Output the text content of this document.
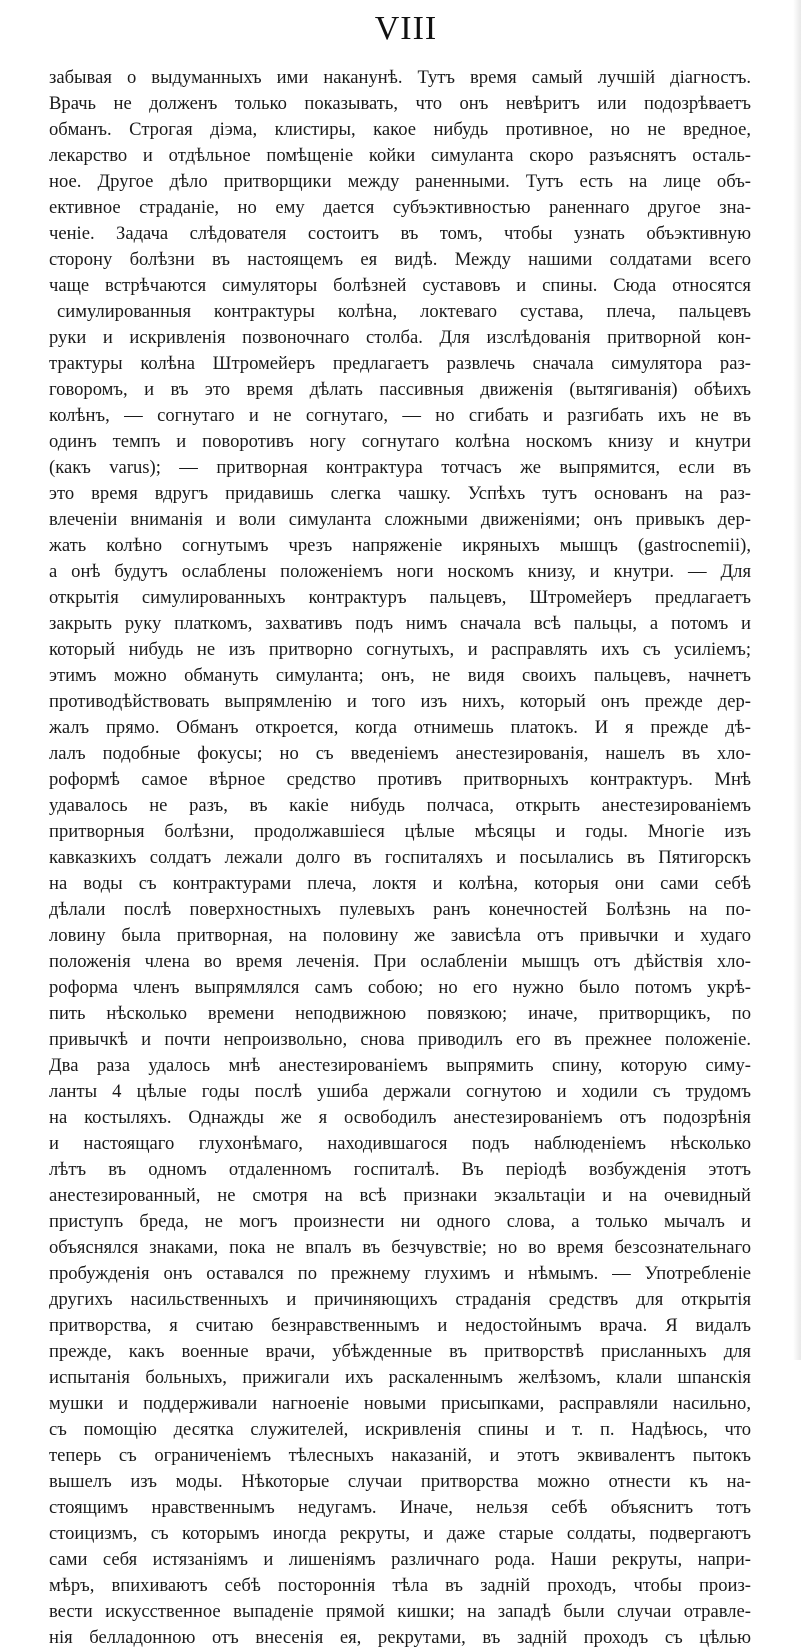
VIII
забывая о выдуманныхъ ими наканунѣ. Тутъ время самый лучшій діагностъ.
Врачь не долженъ только показывать, что онъ невѣритъ или подозрѣваетъ
обманъ. Строгая діэма, клистиры, какое нибудь противное, но не вредное,
лекарство и отдѣльное помѣщеніе койки симуланта скоро разъяснятъ осталь-
ное. Другое дѣло притворщики между раненными. Тутъ есть на лице объ-
ективное страданіе, но ему дается субъэктивностью раненнаго другое зна-
ченіе. Задача слѣдователя состоитъ въ томъ, чтобы узнать объэктивную
сторону болѣзни въ настоящемъ ея видѣ. Между нашими солдатами всего
чаще встрѣчаются симуляторы болѣзней суставовъ и спины. Сюда относятся
симулированныя контрактуры колѣна, локтеваго сустава, плеча, пальцевъ
руки и искривленія позвоночнаго столба. Для изслѣдованія притворной кон-
трактуры колѣна Штромейеръ предлагаетъ развлечь сначала симулятора раз-
говоромъ, и въ это время дѣлать пассивныя движенія (вытягиванія) обѣихъ
колѣнъ, — согнутаго и не согнутаго, — но сгибать и разгибать ихъ не въ
одинъ темпъ и поворотивъ ногу согнутаго колѣна носкомъ книзу и кнутри
(какъ varus); — притворная контрактура тотчасъ же выпрямится, если въ
это время вдругъ придавишь слегка чашку. Успѣхъ тутъ основанъ на раз-
влеченіи вниманія и воли симуланта сложными движеніями; онъ привыкъ дер-
жать колѣно согнутымъ чрезъ напряженіе икряныхъ мышцъ (gastrocnemii),
а онѣ будутъ ослаблены положеніемъ ноги носкомъ книзу, и кнутри. — Для
открытія симулированныхъ контрактуръ пальцевъ, Штромейеръ предлагаетъ
закрыть руку платкомъ, захвативъ подъ нимъ сначала всѣ пальцы, а потомъ и
который нибудь не изъ притворно согнутыхъ, и расправлять ихъ съ усиліемъ;
этимъ можно обмануть симуланта; онъ, не видя своихъ пальцевъ, начнетъ
противодѣйствовать выпрямленію и того изъ нихъ, который онъ прежде дер-
жалъ прямо. Обманъ откроется, когда отнимешь платокъ. И я прежде дѣ-
лалъ подобные фокусы; но съ введеніемъ анестезированія, нашелъ въ хло-
роформѣ самое вѣрное средство противъ притворныхъ контрактуръ. Мнѣ
удавалось не разъ, въ какіе нибудь полчаса, открыть анестезированіемъ
притворныя болѣзни, продолжавшіеся цѣлые мѣсяцы и годы. Многіе изъ
кавказкихъ солдатъ лежали долго въ госпиталяхъ и посылались въ Пятигорскъ
на воды съ контрактурами плеча, локтя и колѣна, которыя они сами себѣ
дѣлали послѣ поверхностныхъ пулевыхъ ранъ конечностей Болѣзнь на по-
ловину была притворная, на половину же зависѣла отъ привычки и худаго
положенія члена во время леченія. При ослабленіи мышцъ отъ дѣйствія хло-
роформа членъ выпрямлялся самъ собою; но его нужно было потомъ укрѣ-
пить нѣсколько времени неподвижною повязкою; иначе, притворщикъ, по
привычкѣ и почти непроизвольно, снова приводилъ его въ прежнее положеніе.
Два раза удалось мнѣ анестезированіемъ выпрямить спину, которую симу-
ланты 4 цѣлые годы послѣ ушиба держали согнутою и ходили съ трудомъ
на костыляхъ. Однажды же я освободилъ анестезированіемъ отъ подозрѣнія
и настоящаго глухонѣмаго, находившагося подъ наблюденіемъ нѣсколько
лѣтъ въ одномъ отдаленномъ госпиталѣ. Въ періодѣ возбужденія этотъ
анестезированный, не смотря на всѣ признаки экзальтаціи и на очевидный
приступъ бреда, не могъ произнести ни одного слова, а только мычалъ и
объяснялся знаками, пока не впалъ въ безчувствіе; но во время безсознательнаго
пробужденія онъ оставался по прежнему глухимъ и нѣмымъ. — Употребленіе
другихъ насильственныхъ и причиняющихъ страданія средствъ для открытія
притворства, я считаю безнравственнымъ и недостойнымъ врача. Я видалъ
прежде, какъ военные врачи, убѣжденные въ притворствѣ присланныхъ для
испытанія больныхъ, прижигали ихъ раскаленнымъ желѣзомъ, клали шпанскія
мушки и поддерживали нагноеніе новыми присыпками, расправляли насильно,
съ помощію десятка служителей, искривленія спины и т. п. Надѣюсь, что
теперь съ ограниченіемъ тѣлесныхъ наказаній, и этотъ эквивалентъ пытокъ
вышелъ изъ моды. Нѣкоторые случаи притворства можно отнести къ на-
стоящимъ нравственнымъ недугамъ. Иначе, нельзя себѣ объяснитъ тотъ
стоицизмъ, съ которымъ иногда рекруты, и даже старые солдаты, подвергаютъ
сами себя истязаніямъ и лишеніямъ различнаго рода. Наши рекруты, напри-
мѣръ, впихиваютъ себѣ постороннія тѣла въ задній проходъ, чтобы произ-
вести искусственное выпаденіе прямой кишки; на западѣ были случаи отравле-
нія белладонною отъ внесенія ея, рекрутами, въ задній проходъ съ цѣлью
